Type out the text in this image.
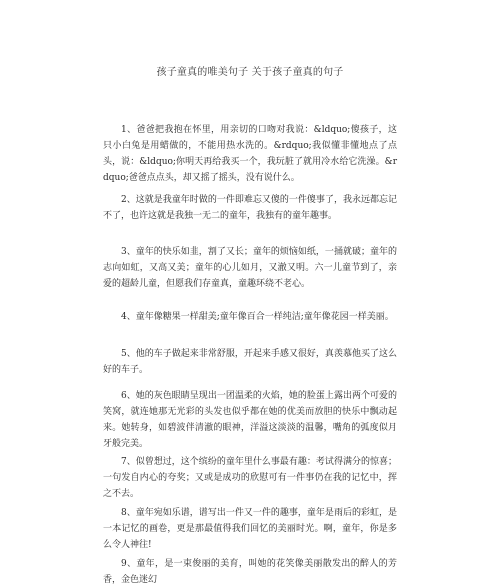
孩子童真的唯美句子 关于孩子童真的句子

1、爸爸把我抱在怀里，用亲切的口吻对我说：&ldquo;傻孩子，这只小白兔是用蜡做的，不能用热水洗的。&rdquo;我似懂非懂地点了点头，说：&ldquo;你明天再给我买一个，我玩脏了就用冷水给它洗澡。&rdquo;爸爸点点头，却又摇了摇头，没有说什么。

2、这就是我童年时做的一件即难忘又傻的一件傻事了，我永远都忘记不了，也许这就是我独一无二的童年，我独有的童年趣事。

3、童年的快乐如韭，割了又长；童年的烦恼如纸，一捅就破；童年的志向如虹，又高又美；童年的心儿如月，又澈又明。六一儿童节到了，亲爱的超龄儿童，但愿我们存童真，童趣环绕不老心。

4、童年像糖果一样甜美;童年像百合一样纯洁;童年像花园一样美丽。

5、他的车子做起来非常舒服，开起来手感又很好，真羡慕他买了这么好的车子。

6、她的灰色眼睛呈现出一团温柔的火焰，她的脸蛋上露出两个可爱的笑窝，就连她那无光彩的头发也似乎都在她的优美而放胆的快乐中飘动起来。她转身，如碧波伴清澈的眼神，洋溢这淡淡的温馨，嘴角的弧度似月牙般完美。

7、似曾想过，这个缤纷的童年里什么事最有趣：考试得满分的惊喜；一句发自内心的夸奖；又或是成功的欣慰可有一件事仍在我的记忆中，挥之不去。

8、童年宛如乐谱，谱写出一件又一件的趣事，童年是雨后的彩虹，是一本记忆的画卷，更是那最值得我们回忆的美丽时光。啊，童年，你是多么令人神往!

9、童年，是一束俊丽的美育，叫她的花笑像美丽散发出的醉人的芳香，金色迷幻
